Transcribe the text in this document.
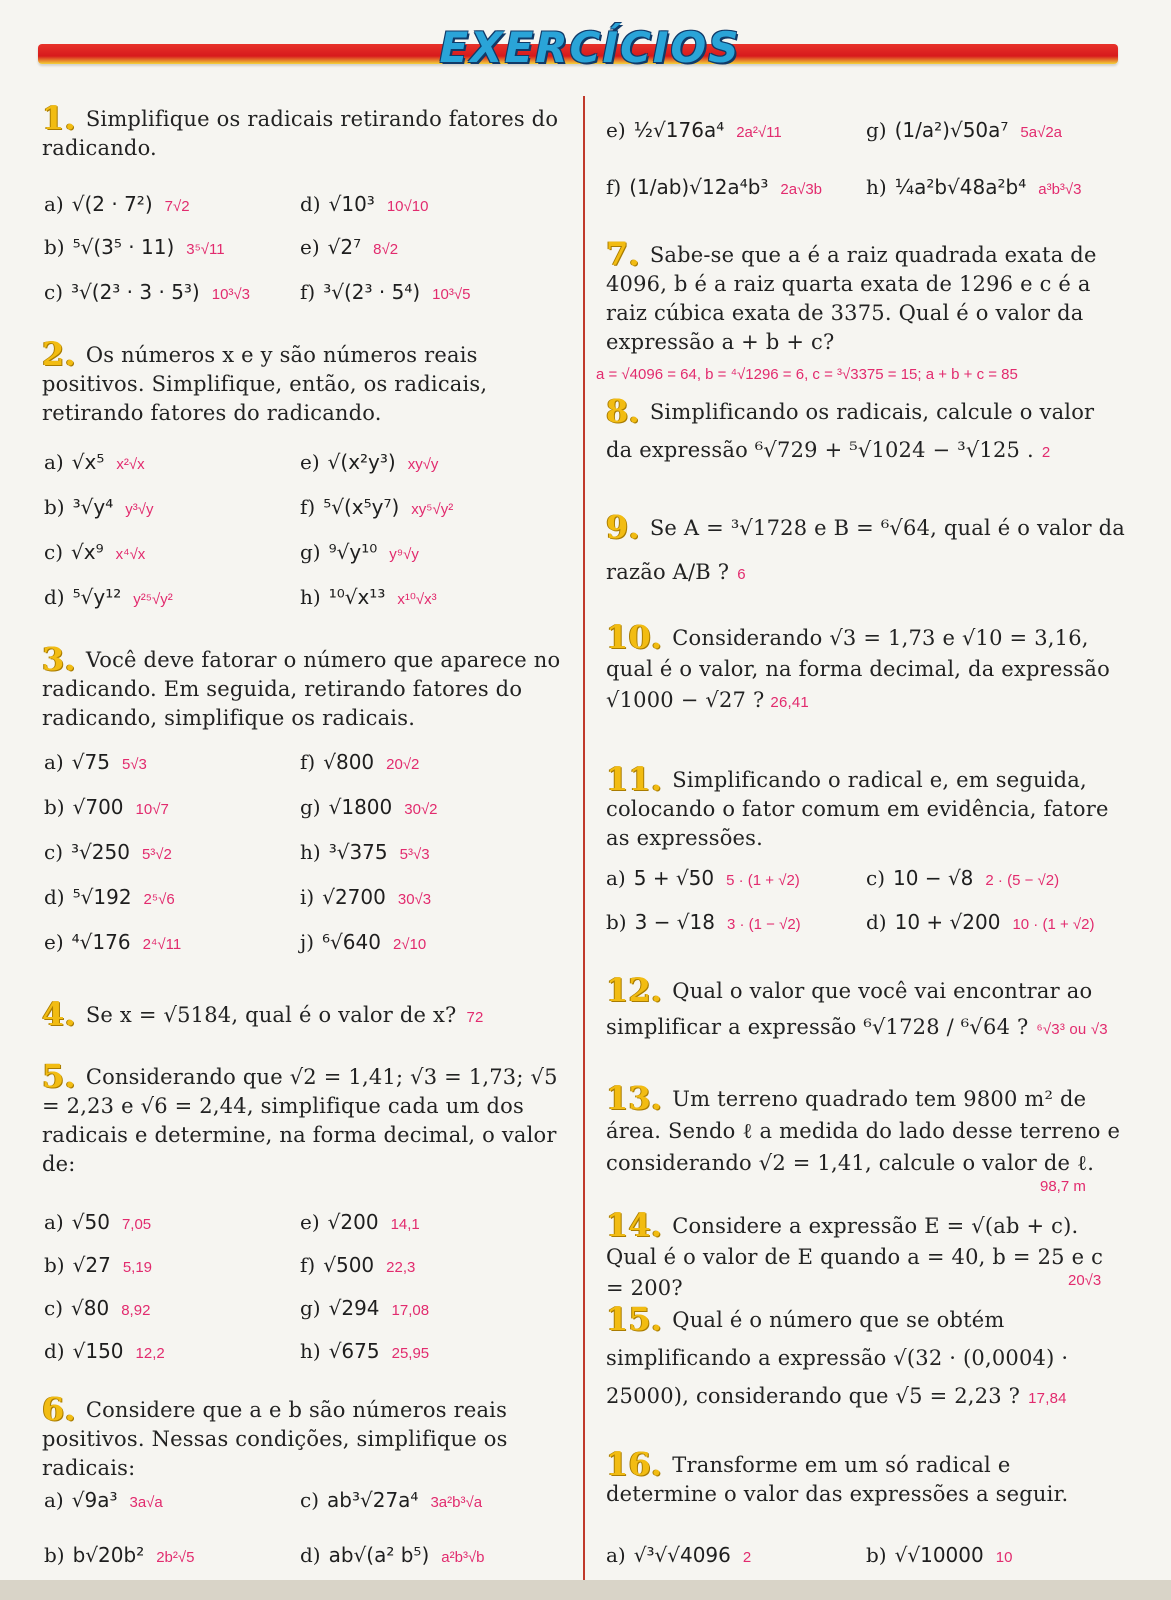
EXERCÍCIOS
1. Simplifique os radicais retirando fatores do radicando.
a) √(2 · 7²) 7√2
b) ⁵√(3⁵ · 11) 3⁵√11
c) ³√(2³ · 3 · 5³) 10³√3
d) √10³ 10√10
e) √2⁷ 8√2
f) ³√(2³ · 5⁴) 10³√5
2. Os números x e y são números reais positivos. Simplifique, então, os radicais, retirando fatores do radicando.
a) √x⁵ x²√x
b) ³√y⁴ y³√y
c) √x⁹ x⁴√x
d) ⁵√y¹² y²⁵√y²
e) √(x²y³) xy√y
f) ⁵√(x⁵y⁷) xy⁵√y²
g) ⁹√y¹⁰ y⁹√y
h) ¹⁰√x¹³ x¹⁰√x³
3. Você deve fatorar o número que aparece no radicando. Em seguida, retirando fatores do radicando, simplifique os radicais.
a) √75 5√3
b) √700 10√7
c) ³√250 5³√2
d) ⁵√192 2⁵√6
e) ⁴√176 2⁴√11
f) √800 20√2
g) √1800 30√2
h) ³√375 5³√3
i) √2700 30√3
j) ⁶√640 2√10
4. Se x = √5184, qual é o valor de x? 72
5. Considerando que √2 = 1,41; √3 = 1,73; √5 = 2,23 e √6 = 2,44, simplifique cada um dos radicais e determine, na forma decimal, o valor de:
a) √50 7,05
b) √27 5,19
c) √80 8,92
d) √150 12,2
e) √200 14,1
f) √500 22,3
g) √294 17,08
h) √675 25,95
6. Considere que a e b são números reais positivos. Nessas condições, simplifique os radicais:
a) √9a³ 3a√a
b) b√20b² 2b²√5
c) ab³√27a⁴ 3a²b³√a
d) ab√(a² b⁵) a²b³√b
e) ½√176a⁴ 2a²√11
f) (1/ab)√12a⁴b³ 2a√3b
g) (1/a²)√50a⁷ 5a√2a
h) ¼a²b√48a²b⁴ a³b³√3
7. Sabe-se que a é a raiz quadrada exata de 4096, b é a raiz quarta exata de 1296 e c é a raiz cúbica exata de 3375. Qual é o valor da expressão a + b + c?
a = √4096 = 64, b = ⁴√1296 = 6, c = ³√3375 = 15; a + b + c = 85
8. Simplificando os radicais, calcule o valor da expressão ⁶√729 + ⁵√1024 − ³√125 . 2
9. Se A = ³√1728 e B = ⁶√64, qual é o valor da razão A/B ? 6
10. Considerando √3 = 1,73 e √10 = 3,16, qual é o valor, na forma decimal, da expressão √1000 − √27 ? 26,41
11. Simplificando o radical e, em seguida, colocando o fator comum em evidência, fatore as expressões.
a) 5 + √50 5 · (1 + √2)
b) 3 − √18 3 · (1 − √2)
c) 10 − √8 2 · (5 − √2)
d) 10 + √200 10 · (1 + √2)
12. Qual o valor que você vai encontrar ao simplificar a expressão ⁶√1728 / ⁶√64 ? ⁶√3³ ou √3
13. Um terreno quadrado tem 9800 m² de área. Sendo ℓ a medida do lado desse terreno e considerando √2 = 1,41, calcule o valor de ℓ.
98,7 m
14. Considere a expressão E = √(ab + c). Qual é o valor de E quando a = 40, b = 25 e c = 200?	20√3
15. Qual é o número que se obtém simplificando a expressão √(32 · (0,0004) · 25000), considerando que √5 = 2,23 ? 17,84
16. Transforme em um só radical e determine o valor das expressões a seguir.
a) √³√√4096 2	b) √√10000 10
